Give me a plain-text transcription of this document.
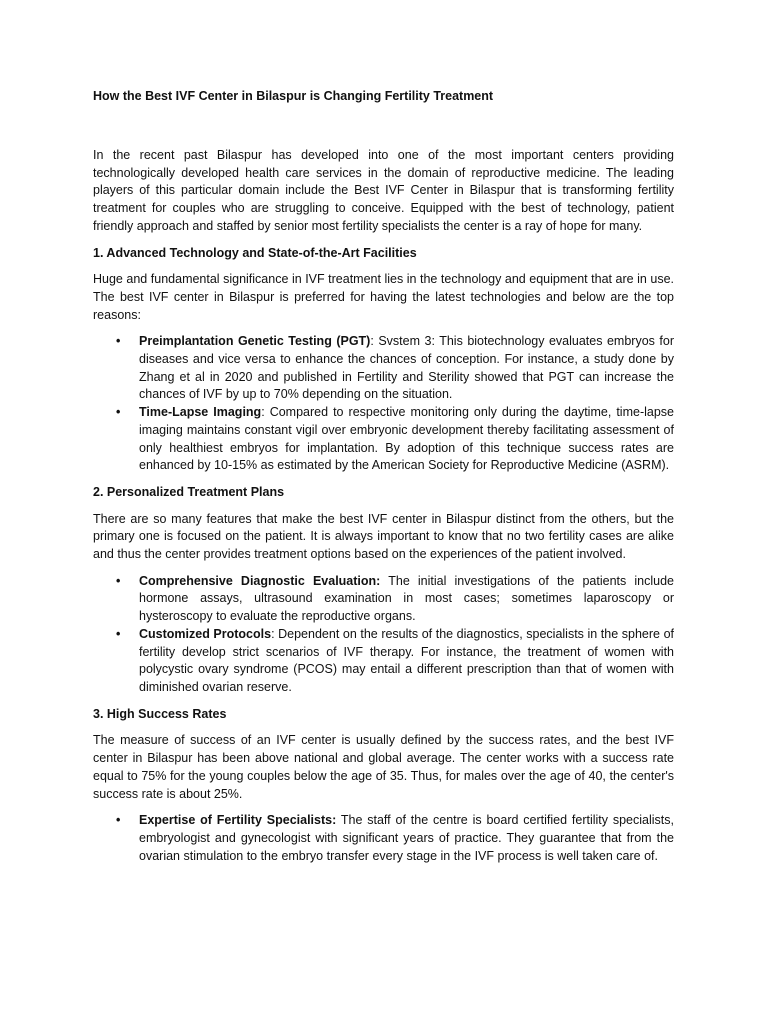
How the Best IVF Center in Bilaspur is Changing Fertility Treatment

In the recent past Bilaspur has developed into one of the most important centers providing technologically developed health care services in the domain of reproductive medicine. The leading players of this particular domain include the Best IVF Center in Bilaspur that is transforming fertility treatment for couples who are struggling to conceive. Equipped with the best of technology, patient friendly approach and staffed by senior most fertility specialists the center is a ray of hope for many.

1. Advanced Technology and State-of-the-Art Facilities

Huge and fundamental significance in IVF treatment lies in the technology and equipment that are in use. The best IVF center in Bilaspur is preferred for having the latest technologies and below are the top reasons:

• Preimplantation Genetic Testing (PGT): Svstem 3: This biotechnology evaluates embryos for diseases and vice versa to enhance the chances of conception. For instance, a study done by Zhang et al in 2020 and published in Fertility and Sterility showed that PGT can increase the chances of IVF by up to 70% depending on the situation.
• Time-Lapse Imaging: Compared to respective monitoring only during the daytime, time-lapse imaging maintains constant vigil over embryonic development thereby facilitating assessment of only healthiest embryos for implantation. By adoption of this technique success rates are enhanced by 10-15% as estimated by the American Society for Reproductive Medicine (ASRM).
2. Personalized Treatment Plans

There are so many features that make the best IVF center in Bilaspur distinct from the others, but the primary one is focused on the patient. It is always important to know that no two fertility cases are alike and thus the center provides treatment options based on the experiences of the patient involved.

• Comprehensive Diagnostic Evaluation: The initial investigations of the patients include hormone assays, ultrasound examination in most cases; sometimes laparoscopy or hysteroscopy to evaluate the reproductive organs.
• Customized Protocols: Dependent on the results of the diagnostics, specialists in the sphere of fertility develop strict scenarios of IVF therapy. For instance, the treatment of women with polycystic ovary syndrome (PCOS) may entail a different prescription than that of women with diminished ovarian reserve.
3. High Success Rates

The measure of success of an IVF center is usually defined by the success rates, and the best IVF center in Bilaspur has been above national and global average. The center works with a success rate equal to 75% for the young couples below the age of 35. Thus, for males over the age of 40, the center's success rate is about 25%.

• Expertise of Fertility Specialists: The staff of the centre is board certified fertility specialists, embryologist and gynecologist with significant years of practice. They guarantee that from the ovarian stimulation to the embryo transfer every stage in the IVF process is well taken care of.
